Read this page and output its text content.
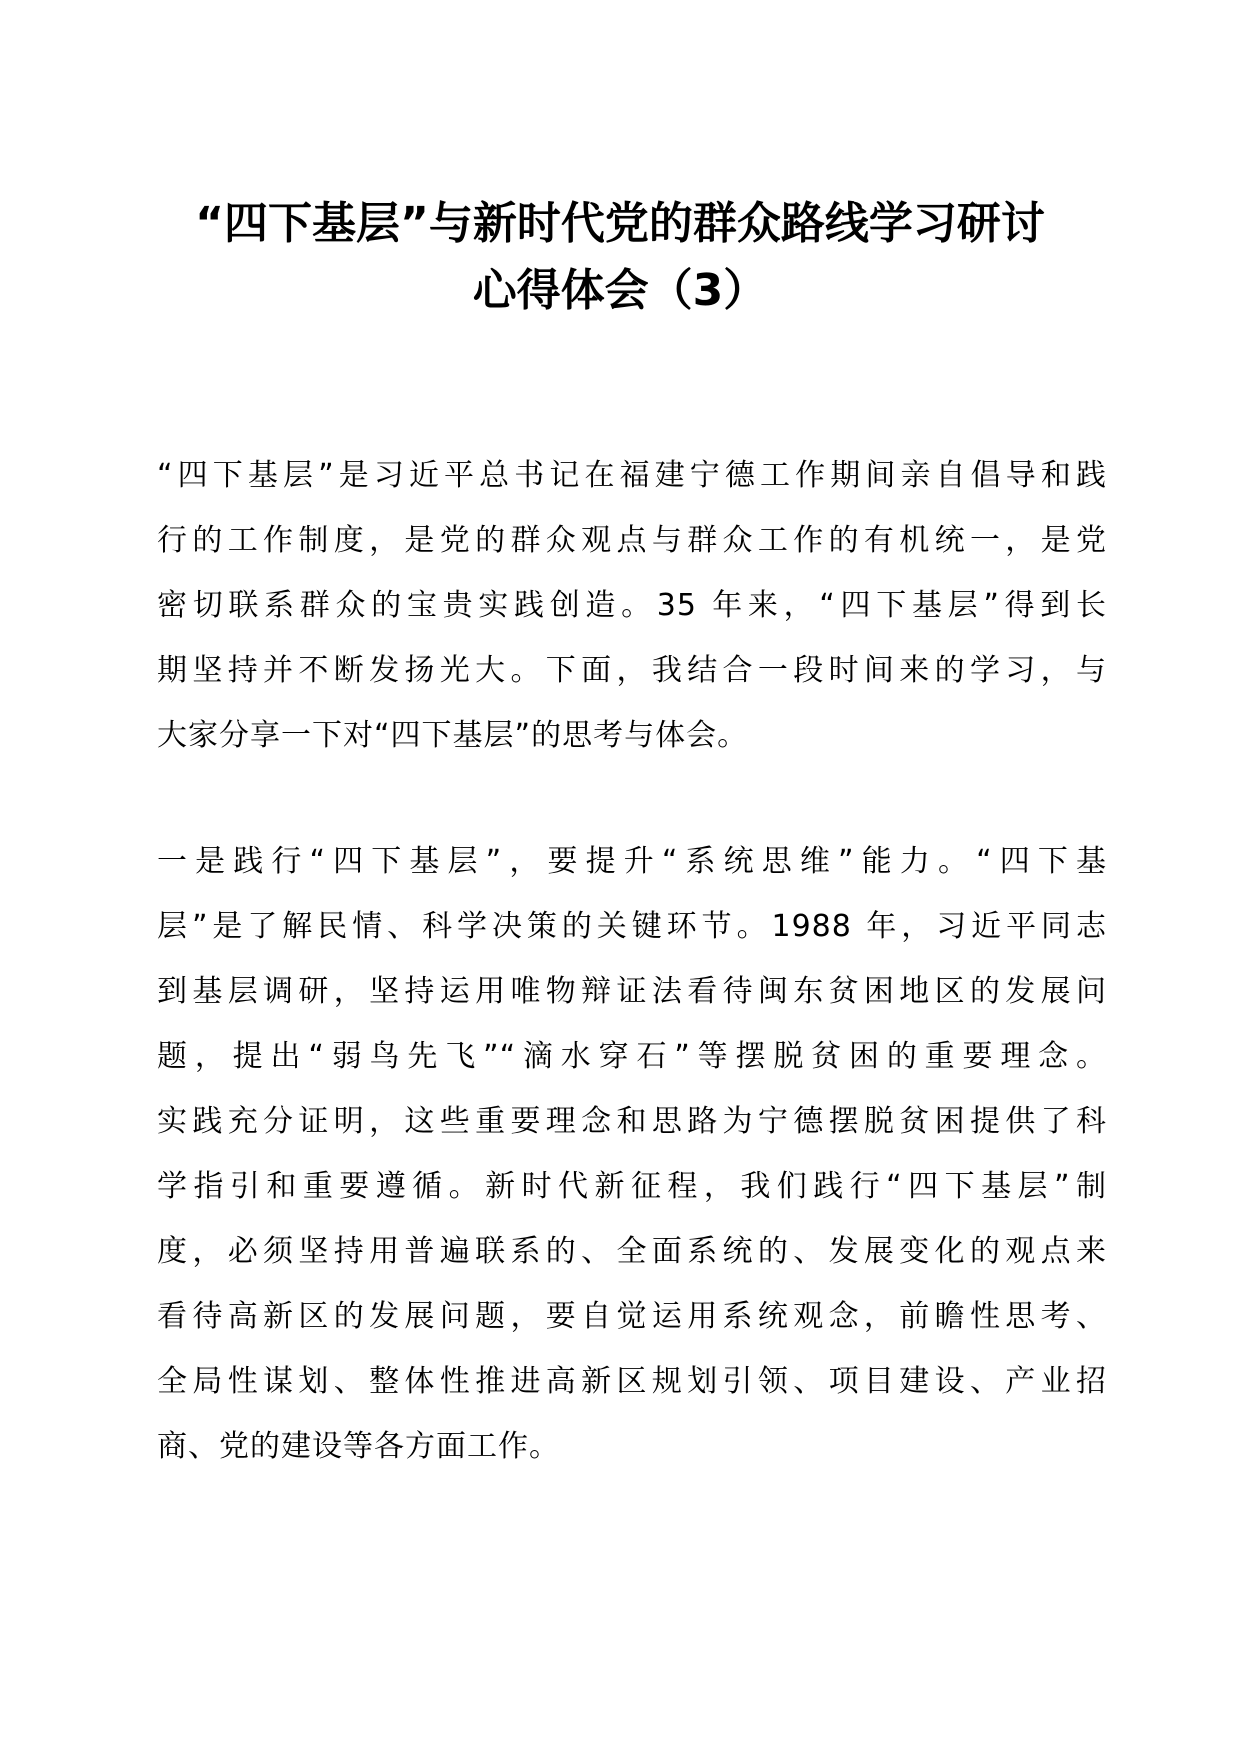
“四下基层”与新时代党的群众路线学习研讨
心得体会（3）
“四下基层”是习近平总书记在福建宁德工作期间亲自倡导和践
行的工作制度，是党的群众观点与群众工作的有机统一，是党
密切联系群众的宝贵实践创造。35 年来，“四下基层”得到长
期坚持并不断发扬光大。下面，我结合一段时间来的学习，与
大家分享一下对“四下基层”的思考与体会。
一是践行“四下基层”，要提升“系统思维”能力。“四下基
层”是了解民情、科学决策的关键环节。1988 年，习近平同志
到基层调研，坚持运用唯物辩证法看待闽东贫困地区的发展问
题，提出“弱鸟先飞”“滴水穿石”等摆脱贫困的重要理念。
实践充分证明，这些重要理念和思路为宁德摆脱贫困提供了科
学指引和重要遵循。新时代新征程，我们践行“四下基层”制
度，必须坚持用普遍联系的、全面系统的、发展变化的观点来
看待高新区的发展问题，要自觉运用系统观念，前瞻性思考、
全局性谋划、整体性推进高新区规划引领、项目建设、产业招
商、党的建设等各方面工作。
